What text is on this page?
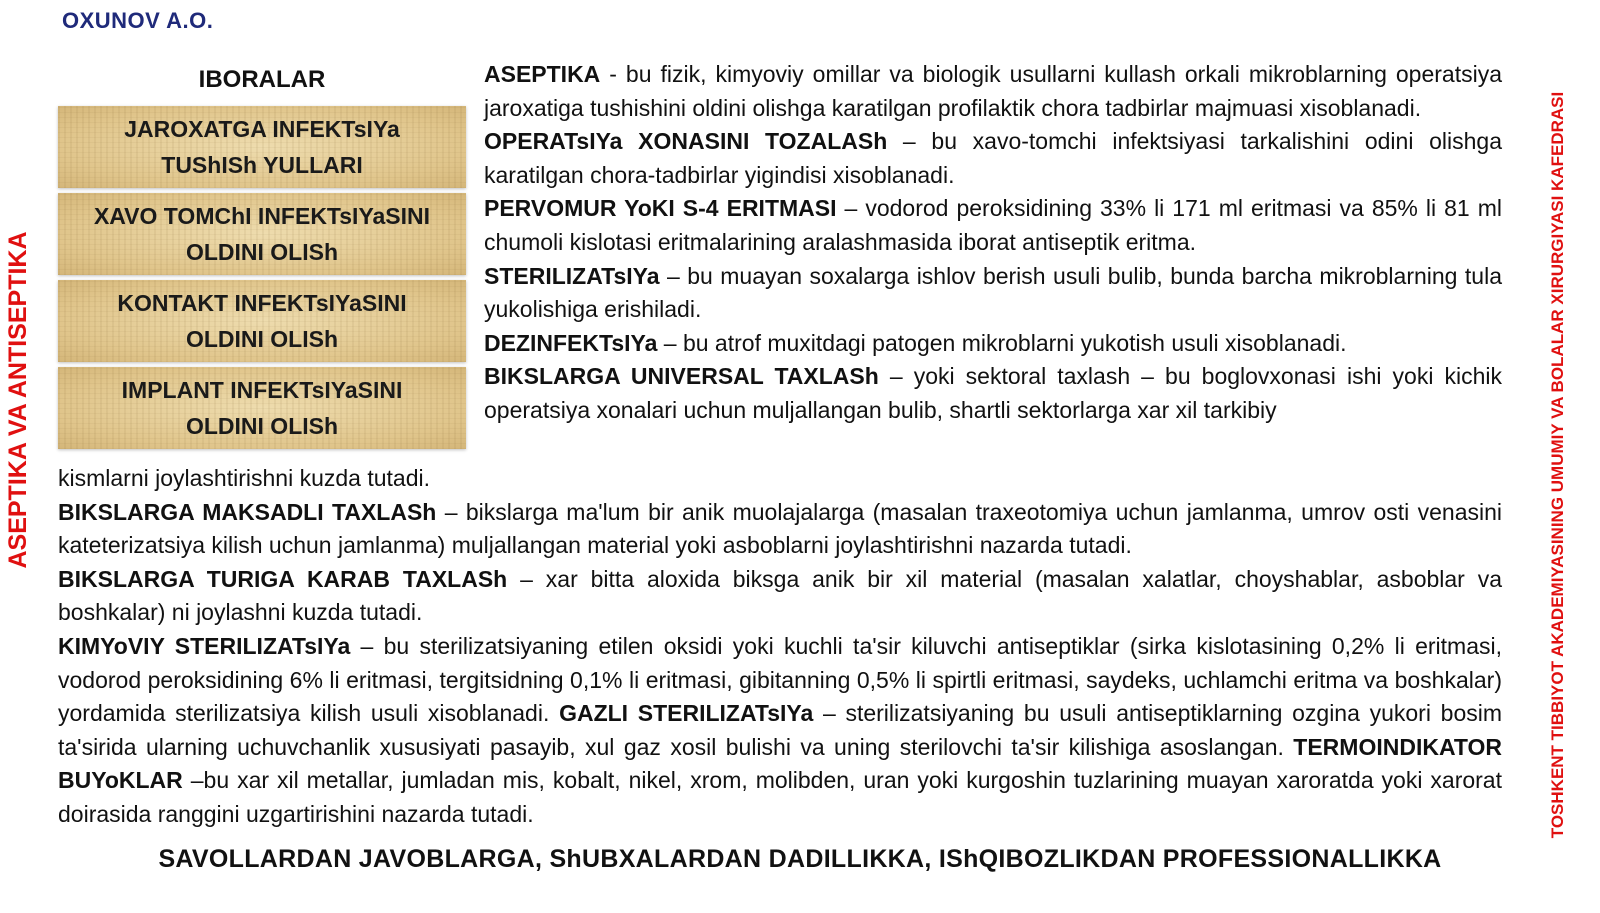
OXUNOV A.O.
ASEPTIKA VA ANTISEPTIKA	TOSHKENT TIBBIYOT AKADEMIYASINING UMUMIY VA BOLALAR XIRURGIYASI KAFEDRASI
IBORALAR
JAROXATGA INFEKTsIYa
TUShISh YULLARI
XAVO TOMChI INFEKTsIYaSINI
OLDINI OLISh
KONTAKT INFEKTsIYaSINI
OLDINI OLISh
IMPLANT INFEKTsIYaSINI
OLDINI OLISh

ASEPTIKA - bu fizik, kimyoviy omillar va biologik usullarni kullash orkali mikroblarning operatsiya jaroxatiga tushishini oldini olishga karatilgan profilaktik chora tadbirlar majmuasi xisoblanadi.

OPERATsIYa XONASINI TOZALASh – bu xavo-tomchi infektsiyasi tarkalishini odini olishga karatilgan chora-tadbirlar yigindisi xisoblanadi.

PERVOMUR YoKI S-4 ERITMASI – vodorod peroksidining 33% li 171 ml eritmasi va 85% li 81 ml chumoli kislotasi eritmalarining aralashmasida iborat antiseptik eritma.

STERILIZATsIYa – bu muayan soxalarga ishlov berish usuli bulib, bunda barcha mikroblarning tula yukolishiga erishiladi.

DEZINFEKTsIYa – bu atrof muxitdagi patogen mikroblarni yukotish usuli xisoblanadi.

BIKSLARGA UNIVERSAL TAXLASh – yoki sektoral taxlash – bu boglovxonasi ishi yoki kichik operatsiya xonalari uchun muljallangan bulib, shartli sektorlarga xar xil tarkibiy

kismlarni joylashtirishni kuzda tutadi.

BIKSLARGA MAKSADLI TAXLASh – bikslarga ma'lum bir anik muolajalarga (masalan traxeotomiya uchun jamlanma, umrov osti venasini kateterizatsiya kilish uchun jamlanma) muljallangan material yoki asboblarni joylashtirishni nazarda tutadi.

BIKSLARGA TURIGA KARAB TAXLASh – xar bitta aloxida biksga anik bir xil material (masalan xalatlar, choyshablar, asboblar va boshkalar) ni joylashni kuzda tutadi.

KIMYoVIY STERILIZATsIYa – bu sterilizatsiyaning etilen oksidi yoki kuchli ta'sir kiluvchi antiseptiklar (sirka kislotasining 0,2% li eritmasi, vodorod peroksidining 6% li eritmasi, tergitsidning 0,1% li eritmasi, gibitanning 0,5% li spirtli eritmasi, saydeks, uchlamchi eritma va boshkalar) yordamida sterilizatsiya kilish usuli xisoblanadi. GAZLI STERILIZATsIYa – sterilizatsiyaning bu usuli antiseptiklarning ozgina yukori bosim ta'sirida ularning uchuvchanlik xususiyati pasayib, xul gaz xosil bulishi va uning sterilovchi ta'sir kilishiga asoslangan. TERMOINDIKATOR BUYoKLAR –bu xar xil metallar, jumladan mis, kobalt, nikel, xrom, molibden, uran yoki kurgoshin tuzlarining muayan xaroratda yoki xarorat doirasida ranggini uzgartirishini nazarda tutadi.

SAVOLLARDAN JAVOBLARGA, ShUBXALARDAN DADILLIKKA, IShQIBOZLIKDAN PROFESSIONALLIKKA
